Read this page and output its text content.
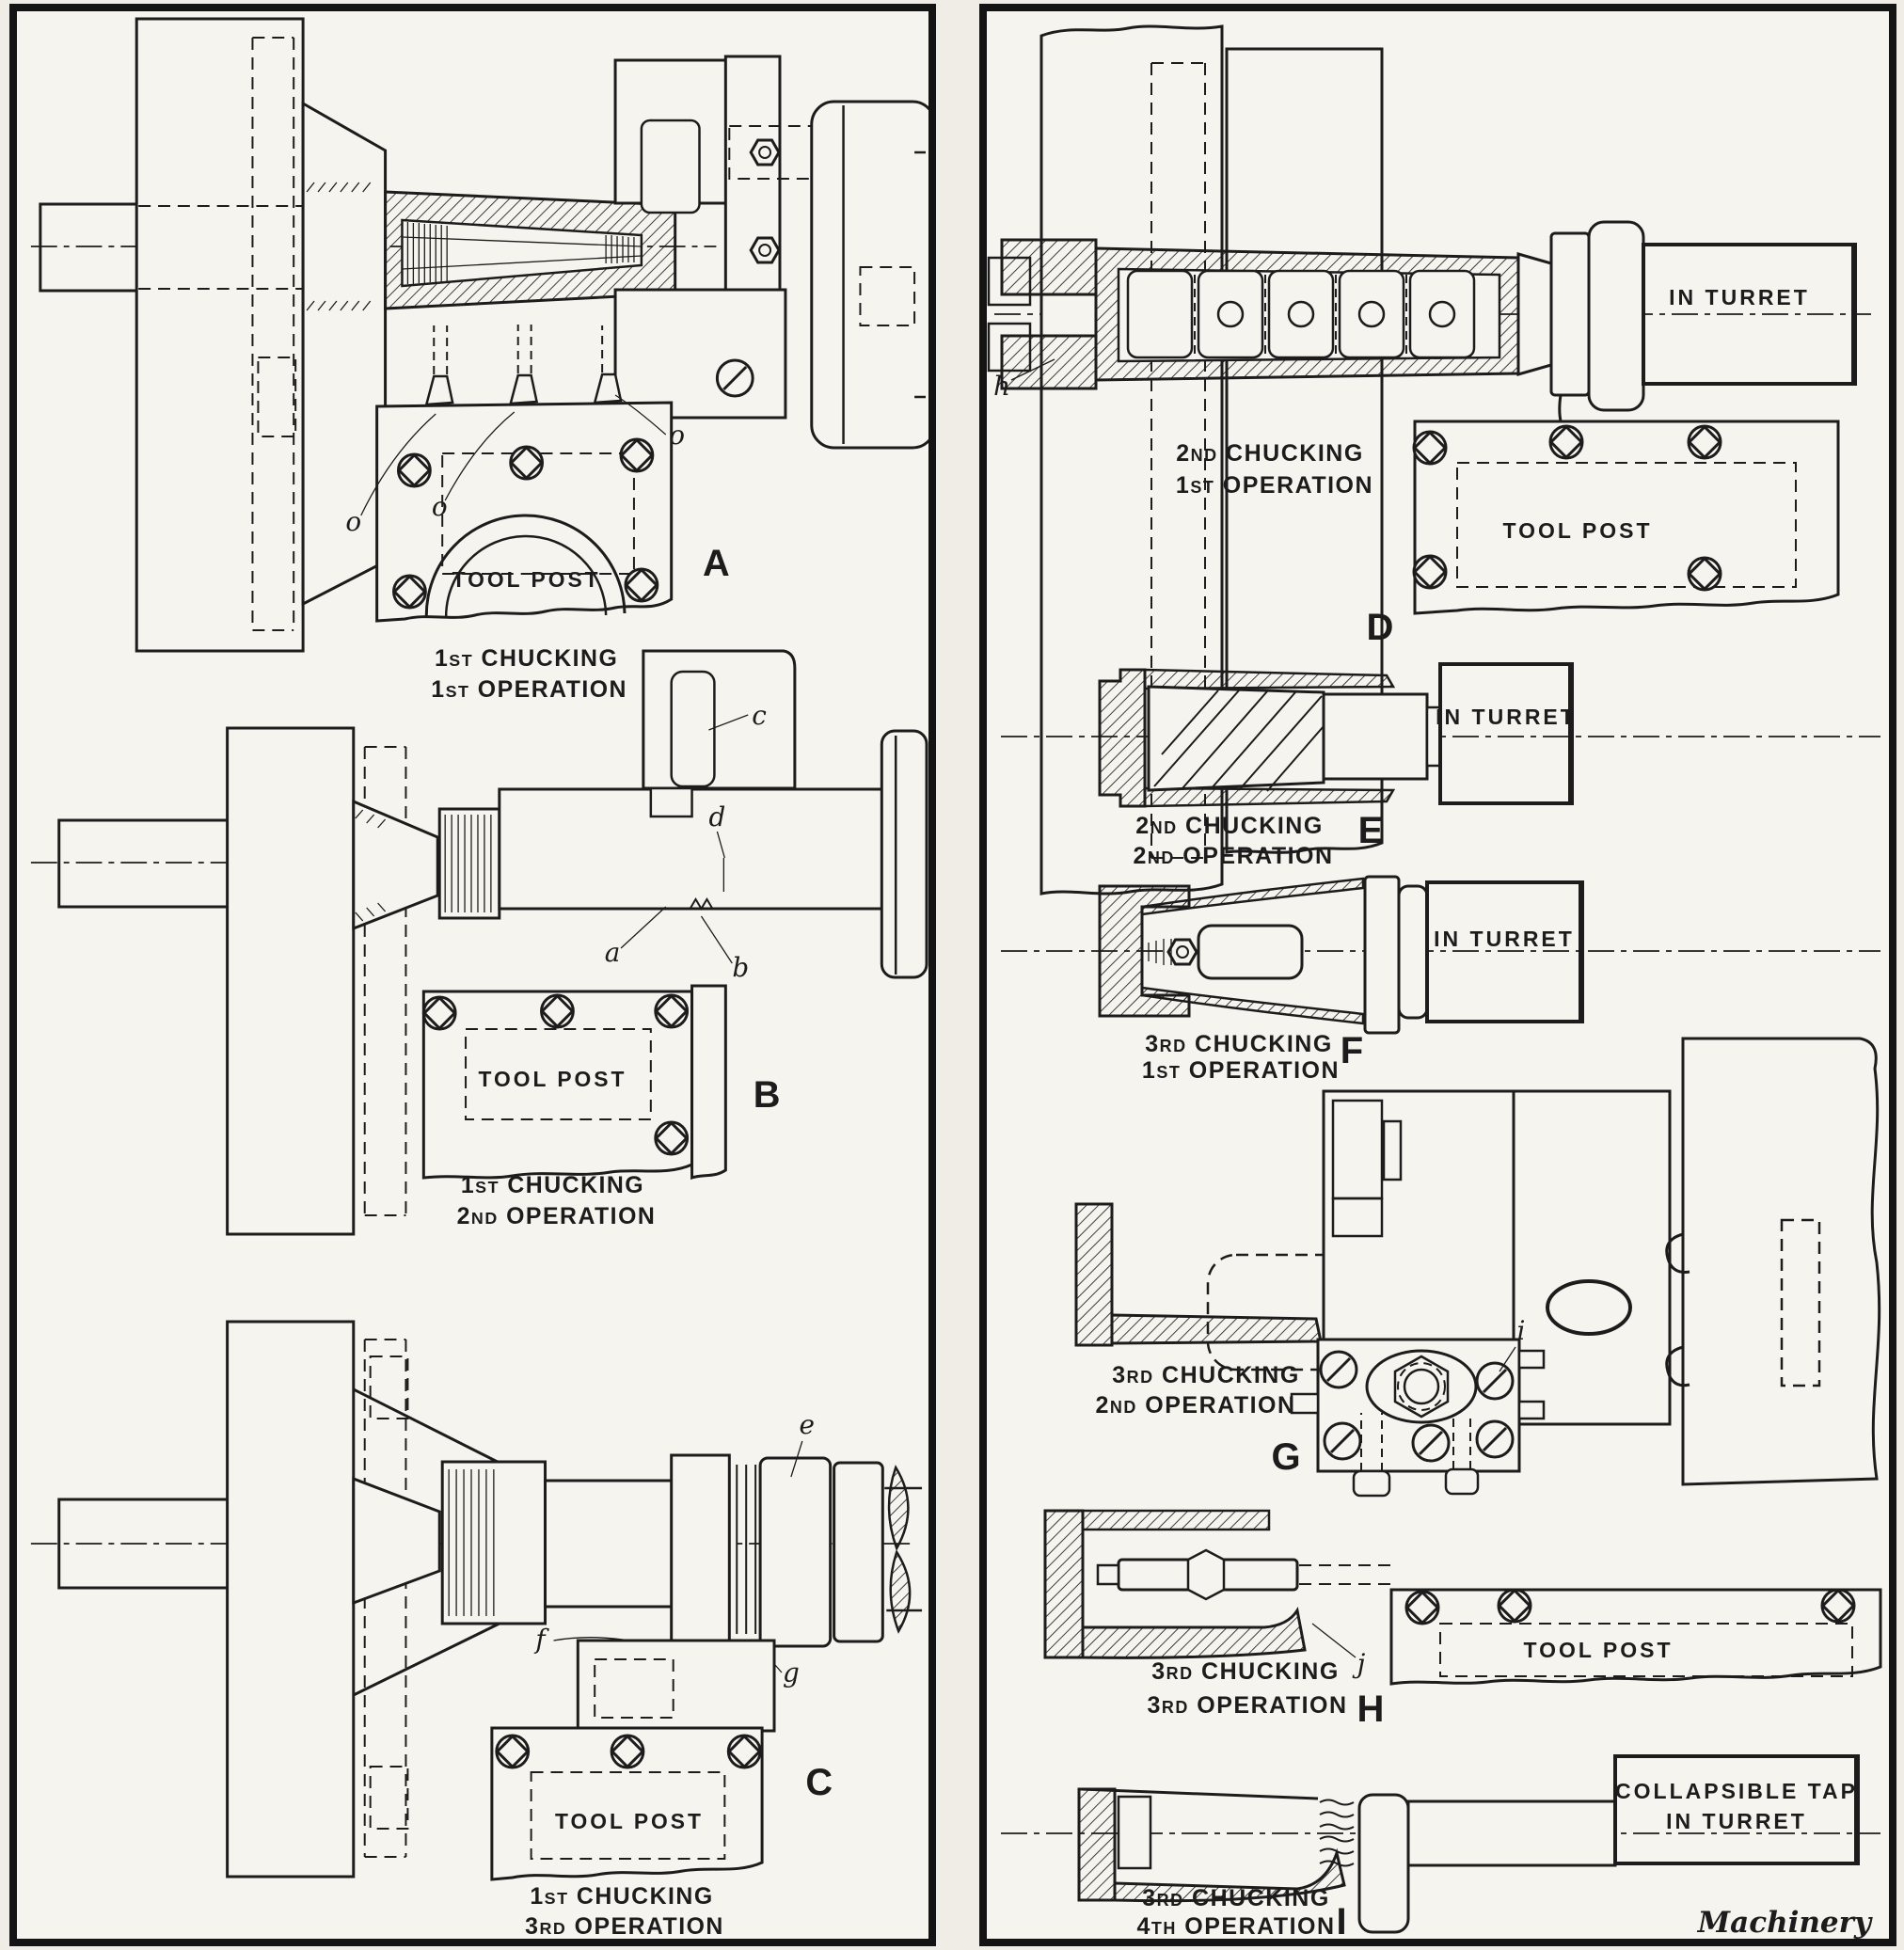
TOOL POST
o	o
o
A
1ST CHUCKING
1ST OPERATION
c
d
a	b
TOOL POST	B
1ST CHUCKING
2ND OPERATION
e
f
g
TOOL POST
C
1ST CHUCKING
3RD OPERATION
IN TURRET
h
TOOL POST
D
2ND CHUCKING
1ST OPERATION
IN TURRET
E
2ND CHUCKING
2ND OPERATION
IN TURRET
F
3RD CHUCKING
1ST OPERATION
i
G
3RD CHUCKING
2ND OPERATION
TOOL POST
j
H
3RD CHUCKING
3RD OPERATION
COLLAPSIBLE TAP
IN TURRET
I
3RD CHUCKING
4TH OPERATION	Machinery
